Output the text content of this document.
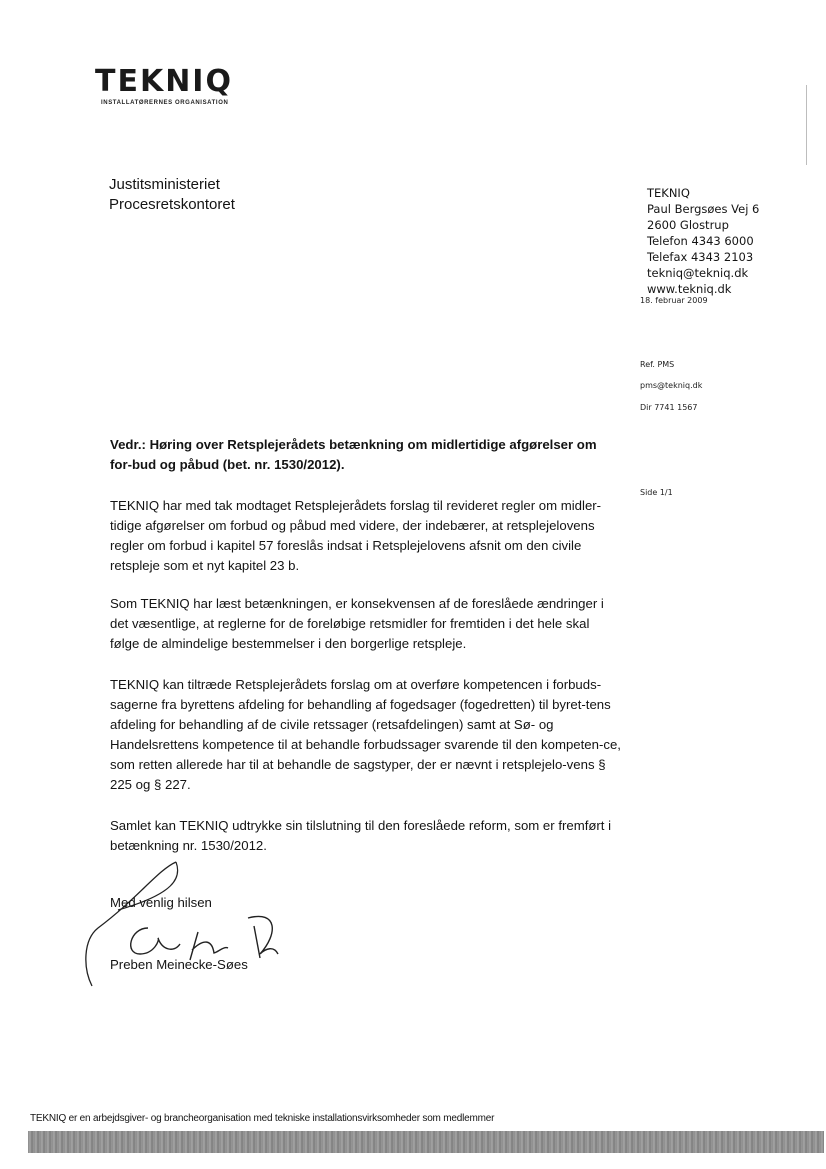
TEKNIQ
INSTALLATØRERNES ORGANISATION
Justitsministeriet
Procesretskontoret
TEKNIQ
Paul Bergsøes Vej 6
2600 Glostrup
Telefon 4343 6000
Telefax 4343 2103
tekniq@tekniq.dk
www.tekniq.dk
18. februar 2009
Ref. PMS
pms@tekniq.dk
Dir 7741 1567
Side 1/1

Vedr.: Høring over Retsplejerådets betænkning om midlertidige afgørelser om for-bud og påbud (bet. nr. 1530/2012).

TEKNIQ har med tak modtaget Retsplejerådets forslag til revideret regler om midler-tidige afgørelser om forbud og påbud med videre, der indebærer, at retsplejelovens regler om forbud i kapitel 57 foreslås indsat i Retsplejelovens afsnit om den civile retspleje som et nyt kapitel 23 b.

Som TEKNIQ har læst betænkningen, er konsekvensen af de foreslåede ændringer i det væsentlige, at reglerne for de foreløbige retsmidler for fremtiden i det hele skal følge de almindelige bestemmelser i den borgerlige retspleje.

TEKNIQ kan tiltræde Retsplejerådets forslag om at overføre kompetencen i forbuds-sagerne fra byrettens afdeling for behandling af fogedsager (fogedretten) til byret-tens afdeling for behandling af de civile retssager (retsafdelingen) samt at Sø- og Handelsrettens kompetence til at behandle forbudssager svarende til den kompeten-ce, som retten allerede har til at behandle de sagstyper, der er nævnt i retsplejelo-vens § 225 og § 227.

Samlet kan TEKNIQ udtrykke sin tilslutning til den foreslåede reform, som er fremført i betænkning nr. 1530/2012.

Med venlig hilsen
Preben Meinecke-Søes
TEKNIQ er en arbejdsgiver- og brancheorganisation med tekniske installationsvirksomheder som medlemmer
